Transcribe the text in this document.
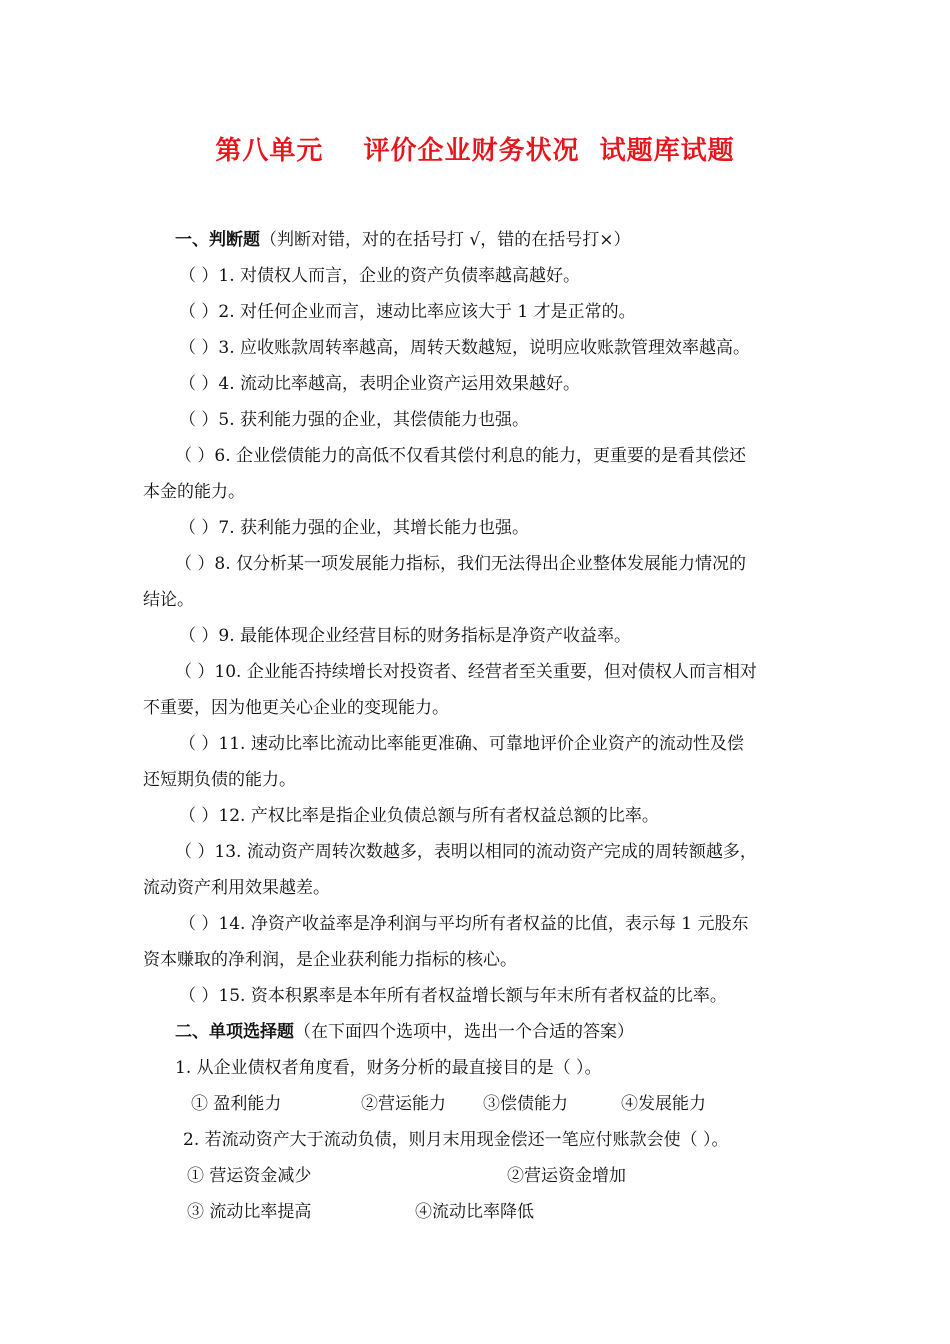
第八单元    评价企业财务状况  试题库试题
一、判断题（判断对错，对的在括号打 √，错的在括号打×）
（ ）1. 对债权人而言，企业的资产负债率越高越好。
（ ）2. 对任何企业而言，速动比率应该大于 1 才是正常的。
（ ）3. 应收账款周转率越高，周转天数越短，说明应收账款管理效率越高。
（ ）4. 流动比率越高，表明企业资产运用效果越好。
（ ）5. 获利能力强的企业，其偿债能力也强。
（ ）6. 企业偿债能力的高低不仅看其偿付利息的能力，更重要的是看其偿还
本金的能力。
（ ）7. 获利能力强的企业，其增长能力也强。
（ ）8. 仅分析某一项发展能力指标，我们无法得出企业整体发展能力情况的
结论。
（ ）9. 最能体现企业经营目标的财务指标是净资产收益率。
（ ）10. 企业能否持续增长对投资者、经营者至关重要，但对债权人而言相对
不重要，因为他更关心企业的变现能力。
（ ）11. 速动比率比流动比率能更准确、可靠地评价企业资产的流动性及偿
还短期负债的能力。
（ ）12. 产权比率是指企业负债总额与所有者权益总额的比率。
（ ）13. 流动资产周转次数越多，表明以相同的流动资产完成的周转额越多，
流动资产利用效果越差。
（ ）14. 净资产收益率是净利润与平均所有者权益的比值，表示每 1 元股东
资本赚取的净利润，是企业获利能力指标的核心。
（ ）15. 资本积累率是本年所有者权益增长额与年末所有者权益的比率。
二、单项选择题（在下面四个选项中，选出一个合适的答案）
1. 从企业债权者角度看，财务分析的最直接目的是（ ）。
① 盈利能力	②营运能力 ③偿债能力	④发展能力
2. 若流动资产大于流动负债，则月末用现金偿还一笔应付账款会使（ ）。
① 营运资金减少	②营运资金增加
③ 流动比率提高	④流动比率降低
